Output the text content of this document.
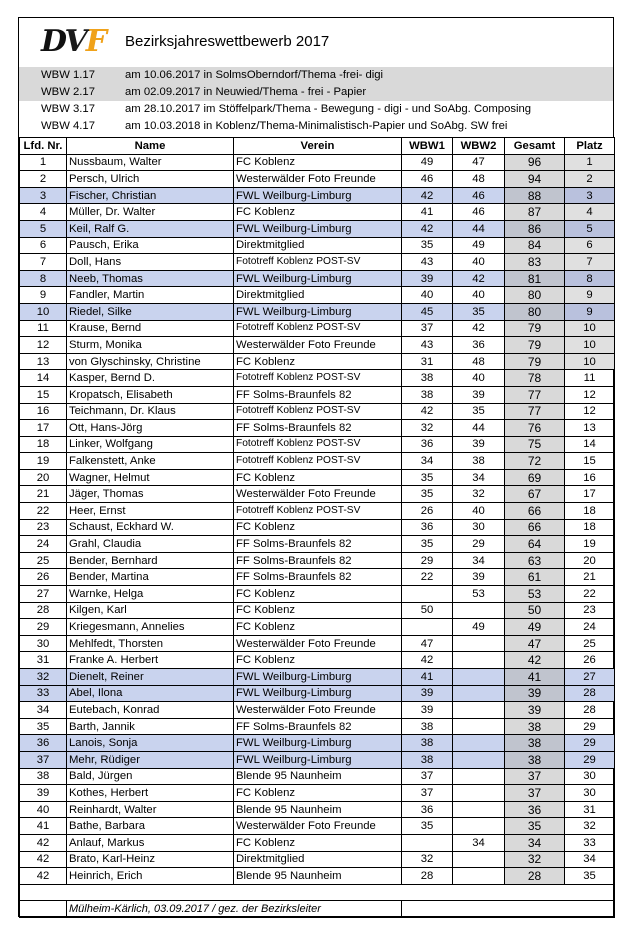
DVF Bezirksjahreswettbewerb 2017
WBW 1.17	am 10.06.2017 in SolmsOberndorf/Thema -frei- digi
WBW 2.17	am 02.09.2017 in Neuwied/Thema - frei - Papier
WBW 3.17	am 28.10.2017 im Stöffelpark/Thema - Bewegung - digi - und SoAbg. Composing
WBW 4.17	am 10.03.2018 in Koblenz/Thema-Minimalistisch-Papier und SoAbg. SW frei
Lfd. Nr.	Name	Verein	WBW1	WBW2	Gesamt	Platz
1	Nussbaum, Walter	FC Koblenz	49	47	96	1
2	Persch, Ulrich	Westerwälder Foto Freunde	46	48	94	2
3	Fischer, Christian	FWL Weilburg-Limburg	42	46	88	3
4	Müller, Dr. Walter	FC Koblenz	41	46	87	4
5	Keil, Ralf G.	FWL Weilburg-Limburg	42	44	86	5
6	Pausch, Erika	Direktmitglied	35	49	84	6
7	Doll, Hans	Fototreff Koblenz POST-SV	43	40	83	7
8	Neeb, Thomas	FWL Weilburg-Limburg	39	42	81	8
9	Fandler, Martin	Direktmitglied	40	40	80	9
10	Riedel, Silke	FWL Weilburg-Limburg	45	35	80	9
11	Krause, Bernd	Fototreff Koblenz POST-SV	37	42	79	10
12	Sturm, Monika	Westerwälder Foto Freunde	43	36	79	10
13	von Glyschinsky, Christine	FC Koblenz	31	48	79	10
14	Kasper, Bernd D.	Fototreff Koblenz POST-SV	38	40	78	11
15	Kropatsch, Elisabeth	FF Solms-Braunfels 82	38	39	77	12
16	Teichmann, Dr. Klaus	Fototreff Koblenz POST-SV	42	35	77	12
17	Ott, Hans-Jörg	FF Solms-Braunfels 82	32	44	76	13
18	Linker, Wolfgang	Fototreff Koblenz POST-SV	36	39	75	14
19	Falkenstett, Anke	Fototreff Koblenz POST-SV	34	38	72	15
20	Wagner, Helmut	FC Koblenz	35	34	69	16
21	Jäger, Thomas	Westerwälder Foto Freunde	35	32	67	17
22	Heer, Ernst	Fototreff Koblenz POST-SV	26	40	66	18
23	Schaust, Eckhard W.	FC Koblenz	36	30	66	18
24	Grahl, Claudia	FF Solms-Braunfels 82	35	29	64	19
25	Bender, Bernhard	FF Solms-Braunfels 82	29	34	63	20
26	Bender, Martina	FF Solms-Braunfels 82	22	39	61	21
27	Warnke, Helga	FC Koblenz		53	53	22
28	Kilgen, Karl	FC Koblenz	50		50	23
29	Kriegesmann, Annelies	FC Koblenz		49	49	24
30	Mehlfedt, Thorsten	Westerwälder Foto Freunde	47		47	25
31	Franke A. Herbert	FC Koblenz	42		42	26
32	Dienelt, Reiner	FWL Weilburg-Limburg	41		41	27
33	Abel, Ilona	FWL Weilburg-Limburg	39		39	28
34	Eutebach, Konrad	Westerwälder Foto Freunde	39		39	28
35	Barth, Jannik	FF Solms-Braunfels 82	38		38	29
36	Lanois, Sonja	FWL Weilburg-Limburg	38		38	29
37	Mehr, Rüdiger	FWL Weilburg-Limburg	38		38	29
38	Bald, Jürgen	Blende 95 Naunheim	37		37	30
39	Kothes, Herbert	FC Koblenz	37		37	30
40	Reinhardt, Walter	Blende 95 Naunheim	36		36	31
41	Bathe, Barbara	Westerwälder Foto Freunde	35		35	32
42	Anlauf, Markus	FC Koblenz		34	34	33
42	Brato, Karl-Heinz	Direktmitglied	32		32	34
42	Heinrich, Erich	Blende 95 Naunheim	28		28	35

	Mülheim-Kärlich, 03.09.2017 / gez. der Bezirksleiter					
